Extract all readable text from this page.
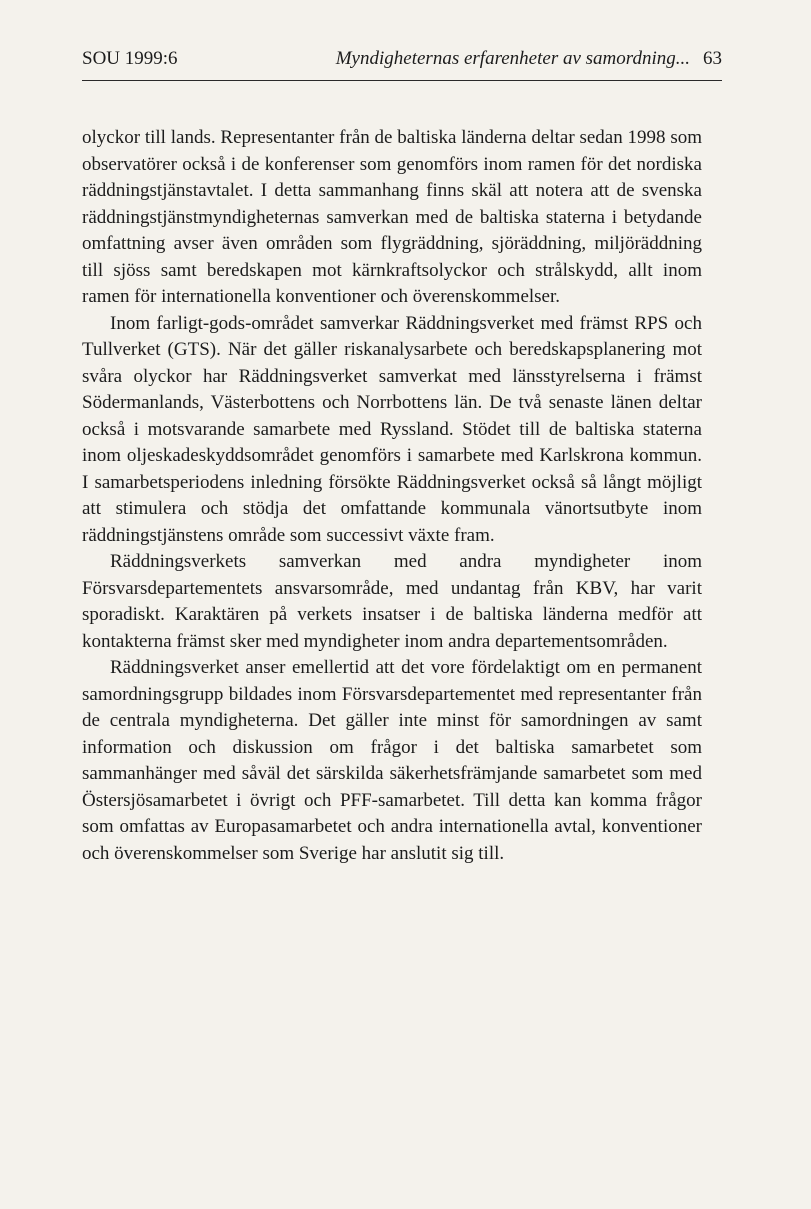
SOU 1999:6	Myndigheternas erfarenheter av samordning... 63

olyckor till lands. Representanter från de baltiska länderna deltar sedan 1998 som observatörer också i de konferenser som genomförs inom ramen för det nordiska räddningstjänstavtalet. I detta sammanhang finns skäl att notera att de svenska räddningstjänstmyndigheternas samverkan med de baltiska staterna i betydande omfattning avser även områden som flygräddning, sjöräddning, miljöräddning till sjöss samt beredskapen mot kärnkraftsolyckor och strålskydd, allt inom ramen för internationella konventioner och överenskommelser.

Inom farligt-gods-området samverkar Räddningsverket med främst RPS och Tullverket (GTS). När det gäller riskanalysarbete och beredskapsplanering mot svåra olyckor har Räddningsverket samverkat med länsstyrelserna i främst Södermanlands, Västerbottens och Norrbottens län. De två senaste länen deltar också i motsvarande samarbete med Ryssland. Stödet till de baltiska staterna inom oljeskadeskyddsområdet genomförs i samarbete med Karlskrona kommun. I samarbetsperiodens inledning försökte Räddningsverket också så långt möjligt att stimulera och stödja det omfattande kommunala vänortsutbyte inom räddningstjänstens område som successivt växte fram.

Räddningsverkets samverkan med andra myndigheter inom Försvarsdepartementets ansvarsområde, med undantag från KBV, har varit sporadiskt. Karaktären på verkets insatser i de baltiska länderna medför att kontakterna främst sker med myndigheter inom andra departementsområden.

Räddningsverket anser emellertid att det vore fördelaktigt om en permanent samordningsgrupp bildades inom Försvarsdepartementet med representanter från de centrala myndigheterna. Det gäller inte minst för samordningen av samt information och diskussion om frågor i det baltiska samarbetet som sammanhänger med såväl det särskilda säkerhetsfrämjande samarbetet som med Östersjösamarbetet i övrigt och PFF-samarbetet. Till detta kan komma frågor som omfattas av Europasamarbetet och andra internationella avtal, konventioner och överenskommelser som Sverige har anslutit sig till.
